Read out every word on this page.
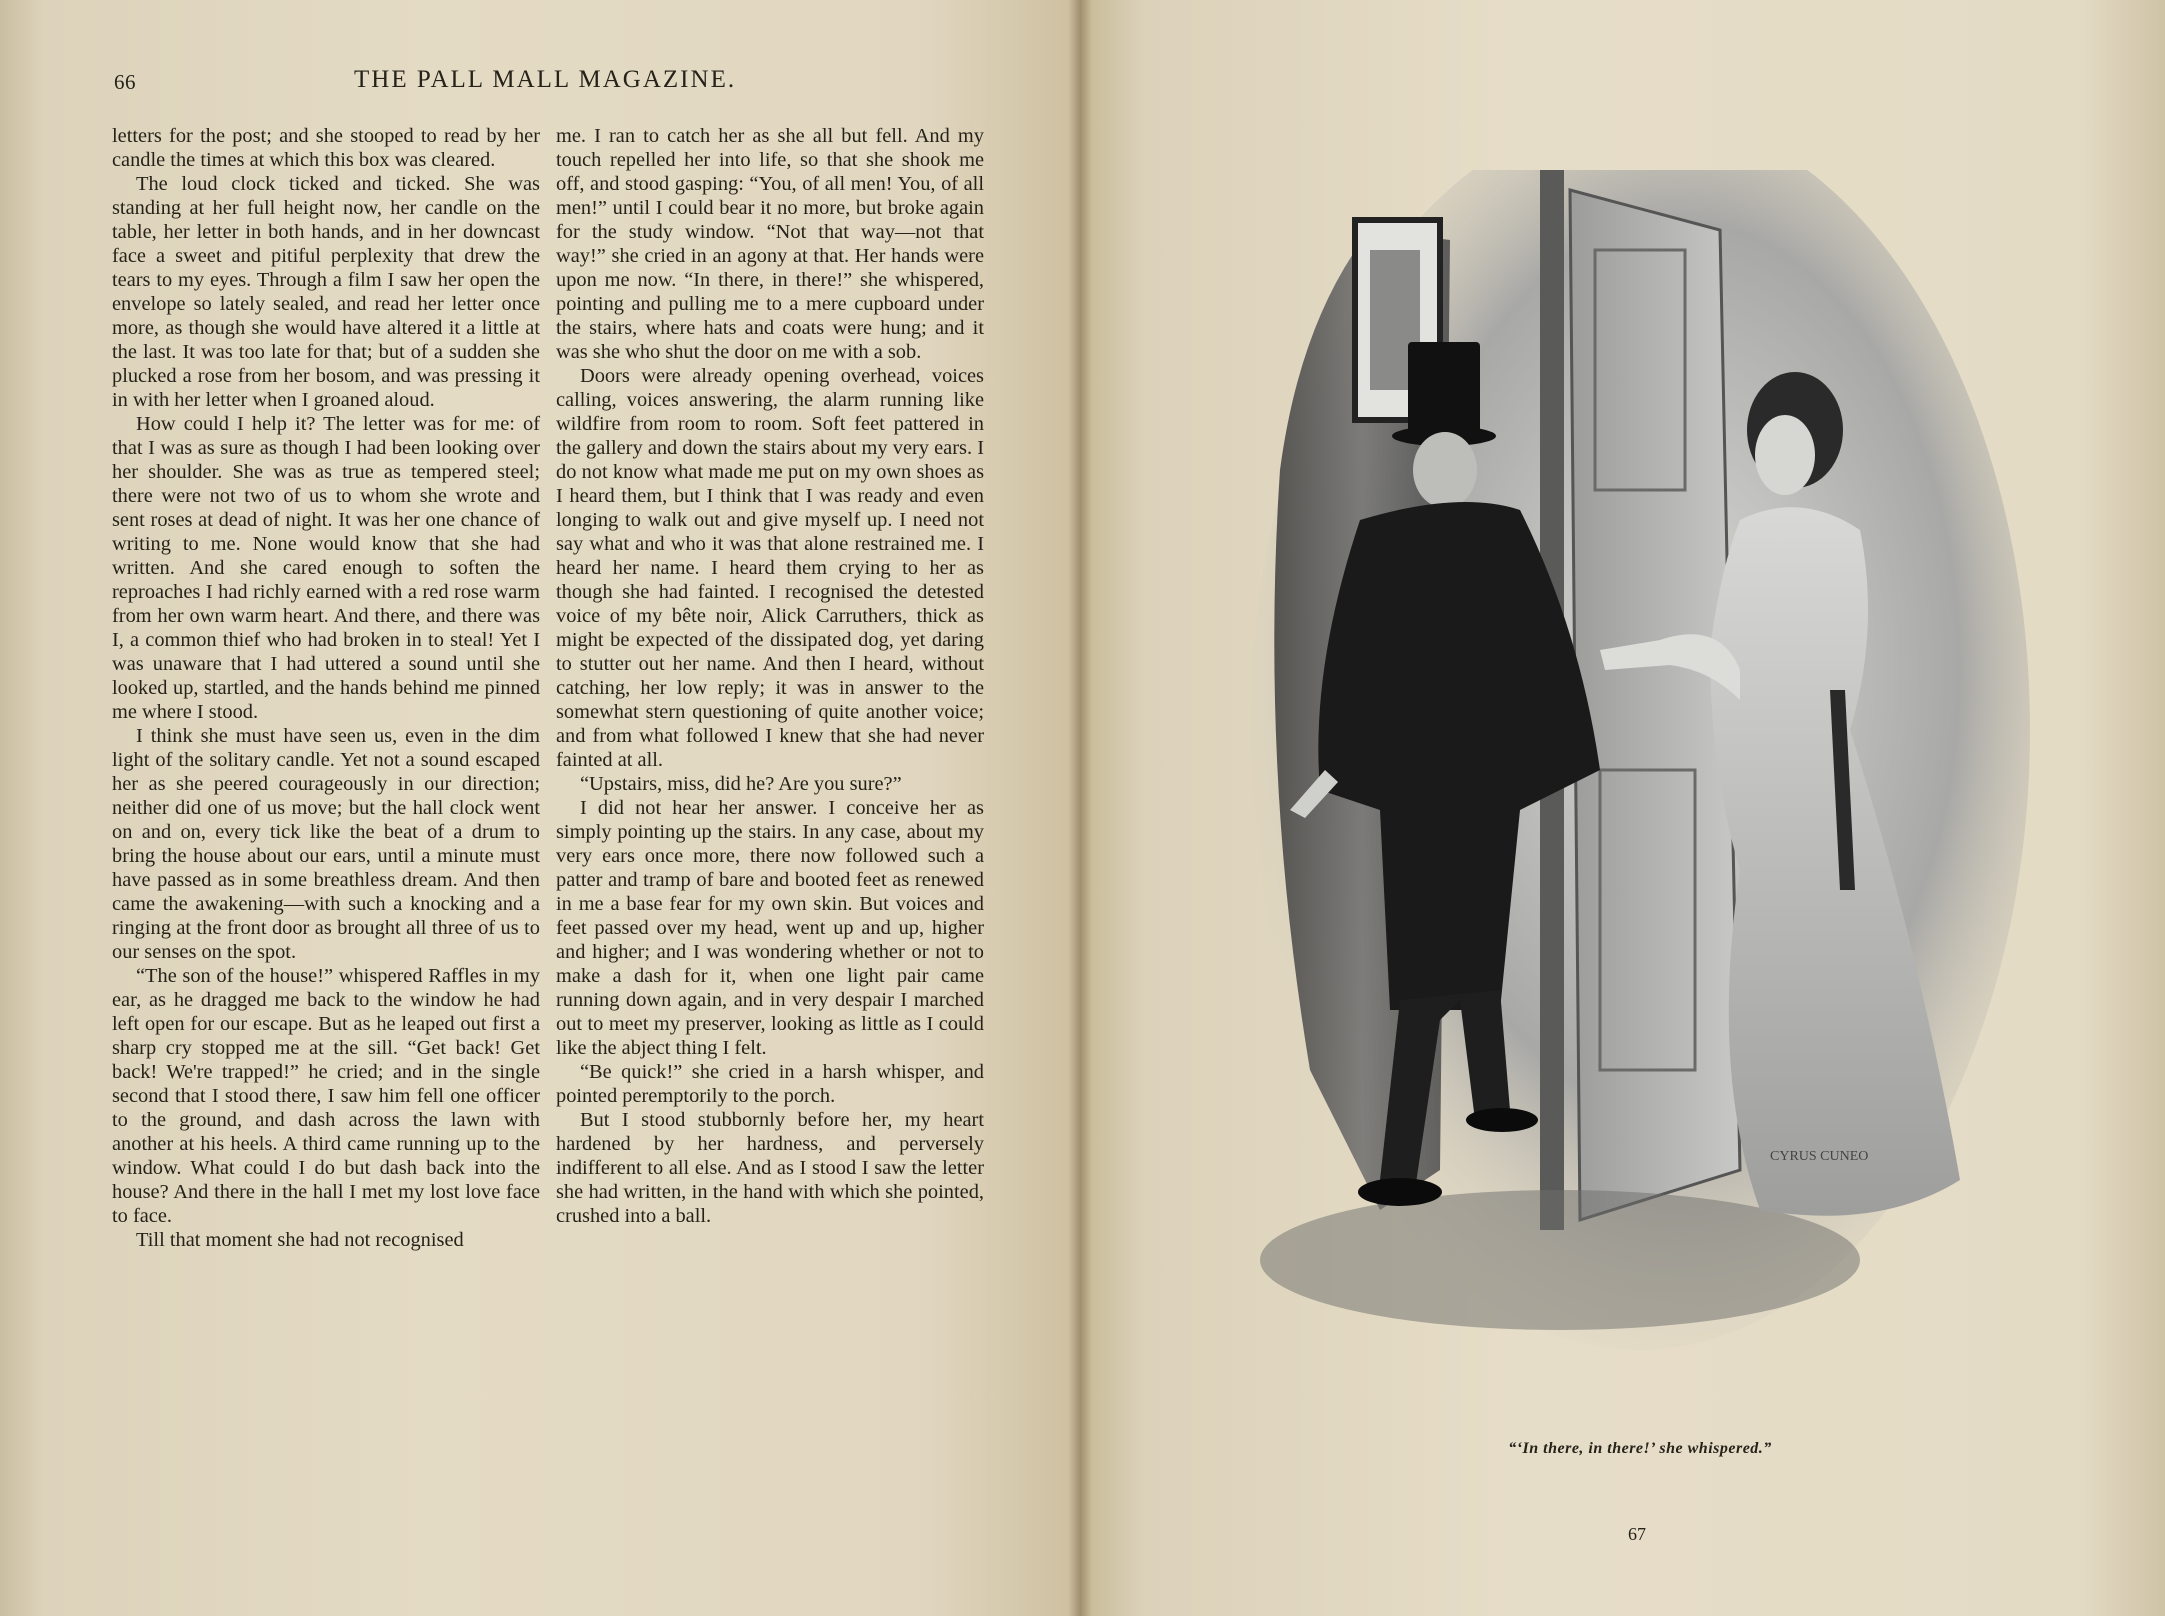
66	THE PALL MALL MAGAZINE.

letters for the post; and she stooped to read by her candle the times at which this box was cleared.

The loud clock ticked and ticked. She was standing at her full height now, her candle on the table, her letter in both hands, and in her downcast face a sweet and pitiful perplexity that drew the tears to my eyes. Through a film I saw her open the envelope so lately sealed, and read her letter once more, as though she would have altered it a little at the last. It was too late for that; but of a sudden she plucked a rose from her bosom, and was pressing it in with her letter when I groaned aloud.

How could I help it? The letter was for me: of that I was as sure as though I had been looking over her shoulder. She was as true as tempered steel; there were not two of us to whom she wrote and sent roses at dead of night. It was her one chance of writing to me. None would know that she had written. And she cared enough to soften the reproaches I had richly earned with a red rose warm from her own warm heart. And there, and there was I, a common thief who had broken in to steal! Yet I was unaware that I had uttered a sound until she looked up, startled, and the hands behind me pinned me where I stood.

I think she must have seen us, even in the dim light of the solitary candle. Yet not a sound escaped her as she peered courageously in our direction; neither did one of us move; but the hall clock went on and on, every tick like the beat of a drum to bring the house about our ears, until a minute must have passed as in some breathless dream. And then came the awakening—with such a knocking and a ringing at the front door as brought all three of us to our senses on the spot.

“The son of the house!” whispered Raffles in my ear, as he dragged me back to the window he had left open for our escape. But as he leaped out first a sharp cry stopped me at the sill. “Get back! Get back! We're trapped!” he cried; and in the single second that I stood there, I saw him fell one officer to the ground, and dash across the lawn with another at his heels. A third came running up to the window. What could I do but dash back into the house? And there in the hall I met my lost love face to face.

Till that moment she had not recognised

me. I ran to catch her as she all but fell. And my touch repelled her into life, so that she shook me off, and stood gasping: “You, of all men! You, of all men!” until I could bear it no more, but broke again for the study window. “Not that way—not that way!” she cried in an agony at that. Her hands were upon me now. “In there, in there!” she whispered, pointing and pulling me to a mere cupboard under the stairs, where hats and coats were hung; and it was she who shut the door on me with a sob.

Doors were already opening overhead, voices calling, voices answering, the alarm running like wildfire from room to room. Soft feet pattered in the gallery and down the stairs about my very ears. I do not know what made me put on my own shoes as I heard them, but I think that I was ready and even longing to walk out and give myself up. I need not say what and who it was that alone restrained me. I heard her name. I heard them crying to her as though she had fainted. I recognised the detested voice of my bête noir, Alick Carruthers, thick as might be expected of the dissipated dog, yet daring to stutter out her name. And then I heard, without catching, her low reply; it was in answer to the somewhat stern questioning of quite another voice; and from what followed I knew that she had never fainted at all.

“Upstairs, miss, did he? Are you sure?”

I did not hear her answer. I conceive her as simply pointing up the stairs. In any case, about my very ears once more, there now followed such a patter and tramp of bare and booted feet as renewed in me a base fear for my own skin. But voices and feet passed over my head, went up and up, higher and higher; and I was wondering whether or not to make a dash for it, when one light pair came running down again, and in very despair I marched out to meet my preserver, looking as little as I could like the abject thing I felt.

“Be quick!” she cried in a harsh whisper, and pointed peremptorily to the porch.

But I stood stubbornly before her, my heart hardened by her hardness, and perversely indifferent to all else. And as I stood I saw the letter she had written, in the hand with which she pointed, crushed into a ball.

CYRUS CUNEO
“‘In there, in there!’ she whispered.”
67
